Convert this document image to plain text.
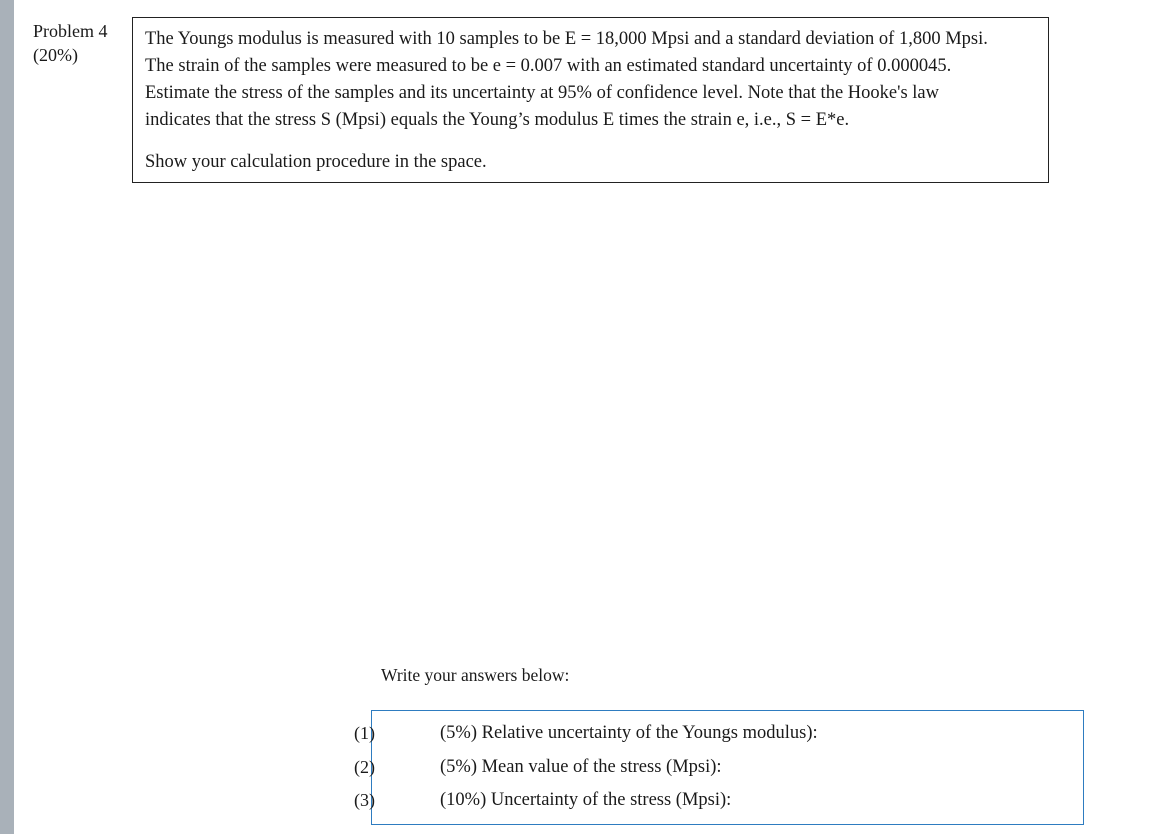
Problem 4
(20%)
The Youngs modulus is measured with 10 samples to be E = 18,000 Mpsi and a standard deviation of 1,800 Mpsi.
The strain of the samples were measured to be e = 0.007 with an estimated standard uncertainty of 0.000045.
Estimate the stress of the samples and its uncertainty at 95% of confidence level. Note that the Hooke's law
indicates that the stress S (Mpsi) equals the Young’s modulus E times the strain e, i.e., S = E*e.
Show your calculation procedure in the space.
Write your answers below:
(1)	(5%) Relative uncertainty of the Youngs modulus):
(2)	(5%) Mean value of the stress (Mpsi):
(3)	(10%) Uncertainty of the stress (Mpsi):
